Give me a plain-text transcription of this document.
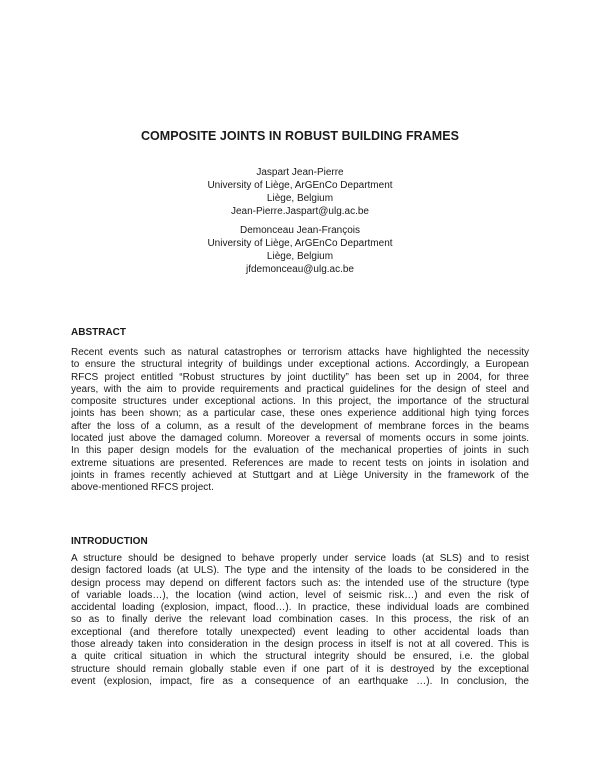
COMPOSITE JOINTS IN ROBUST BUILDING FRAMES
Jaspart Jean-Pierre
University of Liège, ArGEnCo Department
Liège, Belgium
Jean-Pierre.Jaspart@ulg.ac.be
Demonceau Jean-François
University of Liège, ArGEnCo Department
Liège, Belgium
jfdemonceau@ulg.ac.be
ABSTRACT
Recent events such as natural catastrophes or terrorism attacks have highlighted the necessity
to ensure the structural integrity of buildings under exceptional actions. Accordingly, a European
RFCS project entitled “Robust structures by joint ductility” has been set up in 2004, for three
years, with the aim to provide requirements and practical guidelines for the design of steel and
composite structures under exceptional actions. In this project, the importance of the structural
joints has been shown; as a particular case, these ones experience additional high tying forces
after the loss of a column, as a result of the development of membrane forces in the beams
located just above the damaged column. Moreover a reversal of moments occurs in some joints.
In this paper design models for the evaluation of the mechanical properties of joints in such
extreme situations are presented. References are made to recent tests on joints in isolation and
joints in frames recently achieved at Stuttgart and at Liège University in the framework of the
above-mentioned RFCS project.
INTRODUCTION
A structure should be designed to behave properly under service loads (at SLS) and to resist
design factored loads (at ULS). The type and the intensity of the loads to be considered in the
design process may depend on different factors such as: the intended use of the structure (type
of variable loads…), the location (wind action, level of seismic risk…) and even the risk of
accidental loading (explosion, impact, flood…). In practice, these individual loads are combined
so as to finally derive the relevant load combination cases. In this process, the risk of an
exceptional (and therefore totally unexpected) event leading to other accidental loads than
those already taken into consideration in the design process in itself is not at all covered. This is
a quite critical situation in which the structural integrity should be ensured, i.e. the global
structure should remain globally stable even if one part of it is destroyed by the exceptional
event (explosion, impact, fire as a consequence of an earthquake …). In conclusion, the
